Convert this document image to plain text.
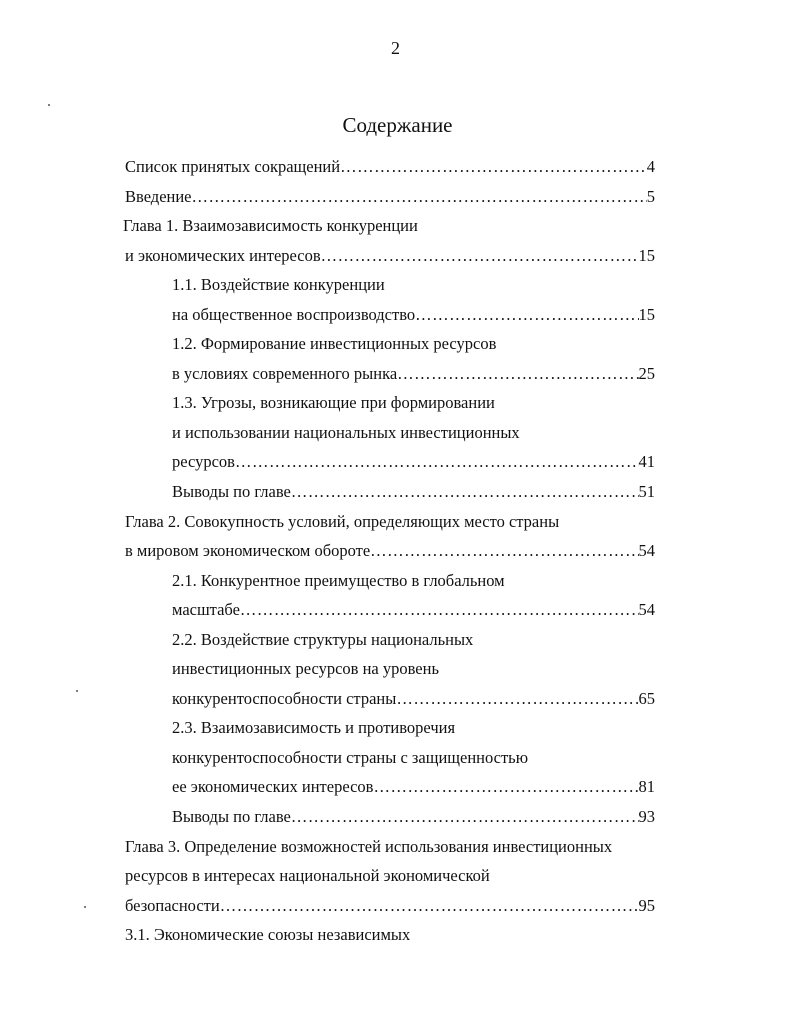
2
Содержание
Список принятых сокращений ……………………………………………………………………………………………………………………	4
Введение ……………………………………………………………………………………………………………………	5
Глава 1. Взаимозависимость конкуренции
и экономических интересов ……………………………………………………………………………………………………………………	15
1.1. Воздействие конкуренции
на общественное воспроизводство ……………………………………………………………………………………………………………………	15
1.2. Формирование инвестиционных ресурсов
в условиях современного рынка ……………………………………………………………………………………………………………………	25
1.3. Угрозы, возникающие при формировании
и использовании национальных инвестиционных
ресурсов ……………………………………………………………………………………………………………………	41
Выводы по главе ……………………………………………………………………………………………………………………	51
Глава 2. Совокупность условий, определяющих место страны
в мировом экономическом обороте ……………………………………………………………………………………………………………………	54
2.1. Конкурентное преимущество в глобальном
масштабе ……………………………………………………………………………………………………………………	54
2.2. Воздействие структуры национальных
инвестиционных ресурсов на уровень
конкурентоспособности страны ……………………………………………………………………………………………………………………	65
2.3. Взаимозависимость и противоречия
конкурентоспособности страны с защищенностью
ее экономических интересов ……………………………………………………………………………………………………………………	81
Выводы по главе ……………………………………………………………………………………………………………………	93
Глава 3. Определение возможностей использования инвестиционных
ресурсов в интересах национальной экономической
безопасности ……………………………………………………………………………………………………………………	95
3.1. Экономические союзы независимых
